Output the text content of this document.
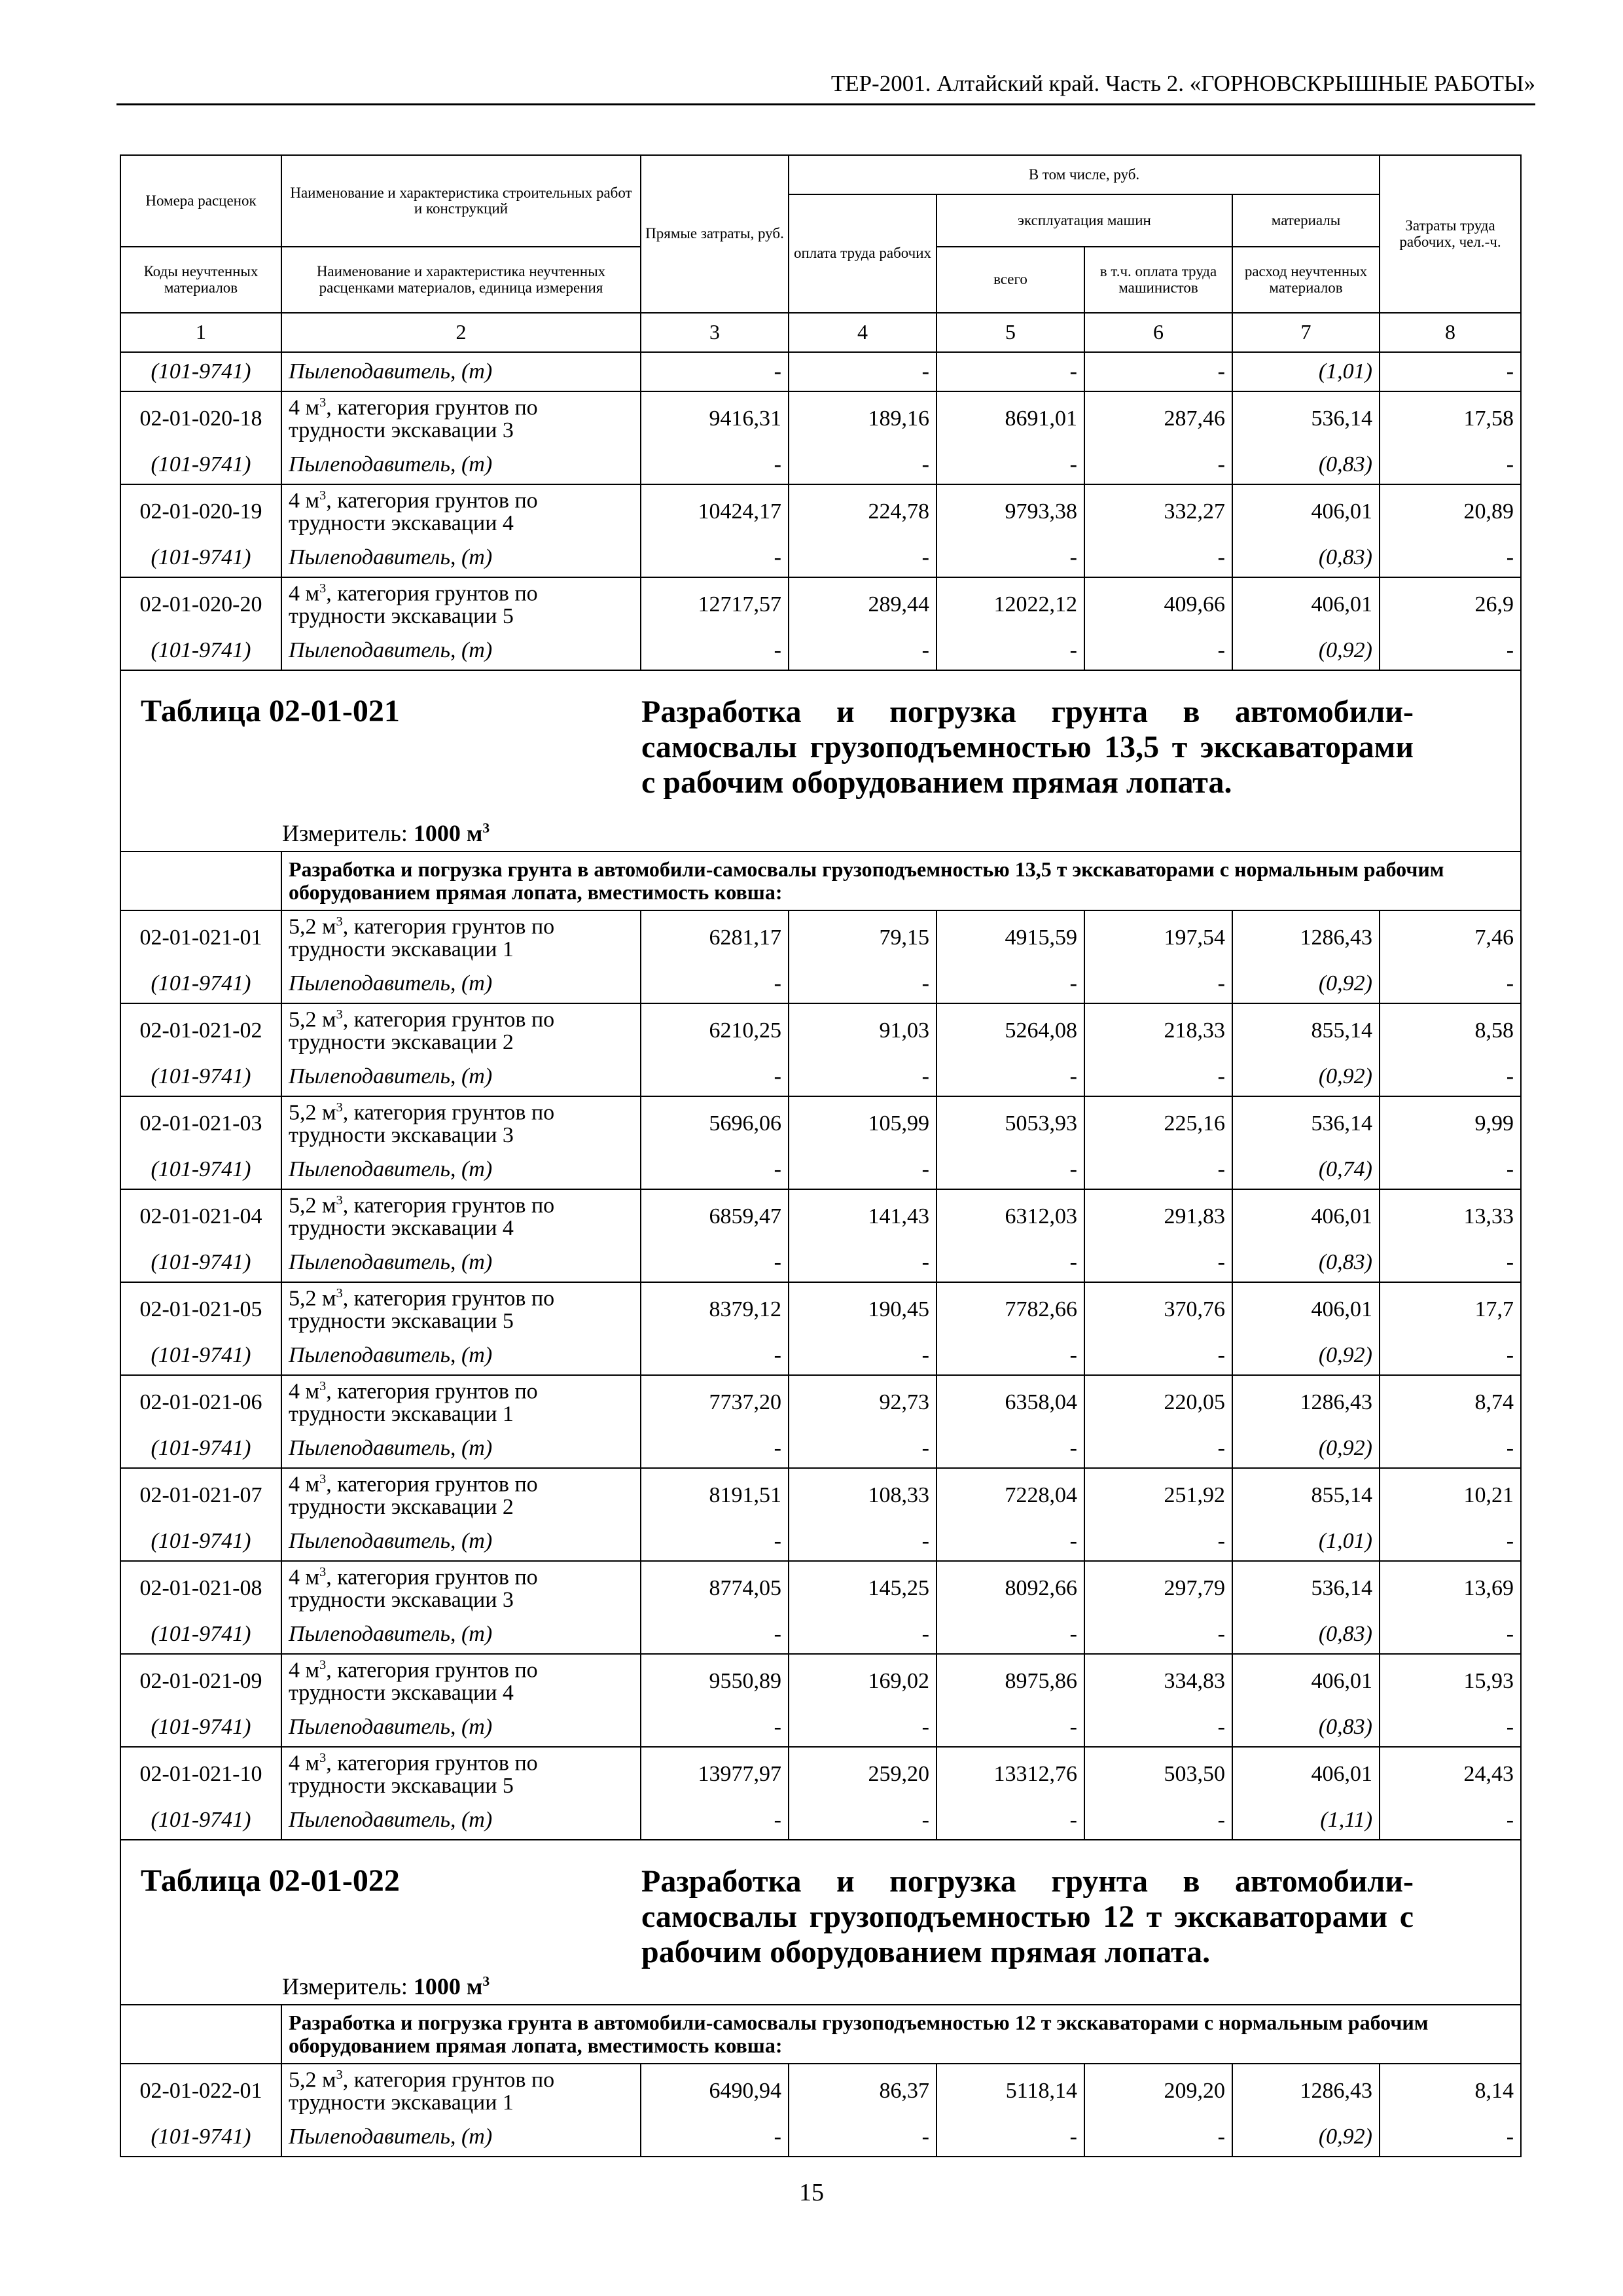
ТЕР-2001. Алтайский край. Часть 2. «ГОРНОВСКРЫШНЫЕ РАБОТЫ»
Номера расценок	Наименование и характеристика строительных работ и конструкций	Прямые затраты, руб.	В том числе, руб.				Затраты труда рабочих, чел.-ч.
			оплата труда рабочих	эксплуатация машин		материалы	
Коды неучтенных материалов	Наименование и характеристика неучтенных расценками материалов, единица измерения			всего	в т.ч. оплата труда машинистов	расход неучтенных материалов	
1	2	3	4	5	6	7	8
(101-9741)	Пылеподавитель, (т)	-	-	-	-	(1,01)	-
02-01-020-18	4 $м^3$, категория грунтов по трудности экскавации 3	9416,31	189,16	8691,01	287,46	536,14	17,58
(101-9741)	Пылеподавитель, (т)	-	-	-	-	(0,83)	-
02-01-020-19	4 $м^3$, категория грунтов по трудности экскавации 4	10424,17	224,78	9793,38	332,27	406,01	20,89
(101-9741)	Пылеподавитель, (т)	-	-	-	-	(0,83)	-
02-01-020-20	4 $м^3$, категория грунтов по трудности экскавации 5	12717,57	289,44	12022,12	409,66	406,01	26,9
(101-9741)	Пылеподавитель, (т)	-	-	-	-	(0,92)	-

Таблица 02-01-021 Разработка и погрузка грунта в автомобили-самосвалы грузоподъемностью 13,5 т экскаваторами с рабочим оборудованием прямая лопата.
Измеритель: 1000 $м^3$

	Разработка и погрузка грунта в автомобили-самосвалы грузоподъемностью 13,5 т экскаваторами с нормальным рабочим оборудованием прямая лопата, вместимость ковша:						
02-01-021-01	5,2 $м^3$, категория грунтов по трудности экскавации 1	6281,17	79,15	4915,59	197,54	1286,43	7,46
(101-9741)	Пылеподавитель, (т)	-	-	-	-	(0,92)	-
02-01-021-02	5,2 $м^3$, категория грунтов по трудности экскавации 2	6210,25	91,03	5264,08	218,33	855,14	8,58
(101-9741)	Пылеподавитель, (т)	-	-	-	-	(0,92)	-
02-01-021-03	5,2 $м^3$, категория грунтов по трудности экскавации 3	5696,06	105,99	5053,93	225,16	536,14	9,99
(101-9741)	Пылеподавитель, (т)	-	-	-	-	(0,74)	-
02-01-021-04	5,2 $м^3$, категория грунтов по трудности экскавации 4	6859,47	141,43	6312,03	291,83	406,01	13,33
(101-9741)	Пылеподавитель, (т)	-	-	-	-	(0,83)	-
02-01-021-05	5,2 $м^3$, категория грунтов по трудности экскавации 5	8379,12	190,45	7782,66	370,76	406,01	17,7
(101-9741)	Пылеподавитель, (т)	-	-	-	-	(0,92)	-
02-01-021-06	4 $м^3$, категория грунтов по трудности экскавации 1	7737,20	92,73	6358,04	220,05	1286,43	8,74
(101-9741)	Пылеподавитель, (т)	-	-	-	-	(0,92)	-
02-01-021-07	4 $м^3$, категория грунтов по трудности экскавации 2	8191,51	108,33	7228,04	251,92	855,14	10,21
(101-9741)	Пылеподавитель, (т)	-	-	-	-	(1,01)	-
02-01-021-08	4 $м^3$, категория грунтов по трудности экскавации 3	8774,05	145,25	8092,66	297,79	536,14	13,69
(101-9741)	Пылеподавитель, (т)	-	-	-	-	(0,83)	-
02-01-021-09	4 $м^3$, категория грунтов по трудности экскавации 4	9550,89	169,02	8975,86	334,83	406,01	15,93
(101-9741)	Пылеподавитель, (т)	-	-	-	-	(0,83)	-
02-01-021-10	4 $м^3$, категория грунтов по трудности экскавации 5	13977,97	259,20	13312,76	503,50	406,01	24,43
(101-9741)	Пылеподавитель, (т)	-	-	-	-	(1,11)	-

Таблица 02-01-022 Разработка и погрузка грунта в автомобили-самосвалы грузоподъемностью 12 т экскаваторами с рабочим оборудованием прямая лопата.
Измеритель: 1000 $м^3$

	Разработка и погрузка грунта в автомобили-самосвалы грузоподъемностью 12 т экскаваторами с нормальным рабочим оборудованием прямая лопата, вместимость ковша:						
02-01-022-01	5,2 $м^3$, категория грунтов по трудности экскавации 1	6490,94	86,37	5118,14	209,20	1286,43	8,14
(101-9741)	Пылеподавитель, (т)	-	-	-	-	(0,92)	-
15
